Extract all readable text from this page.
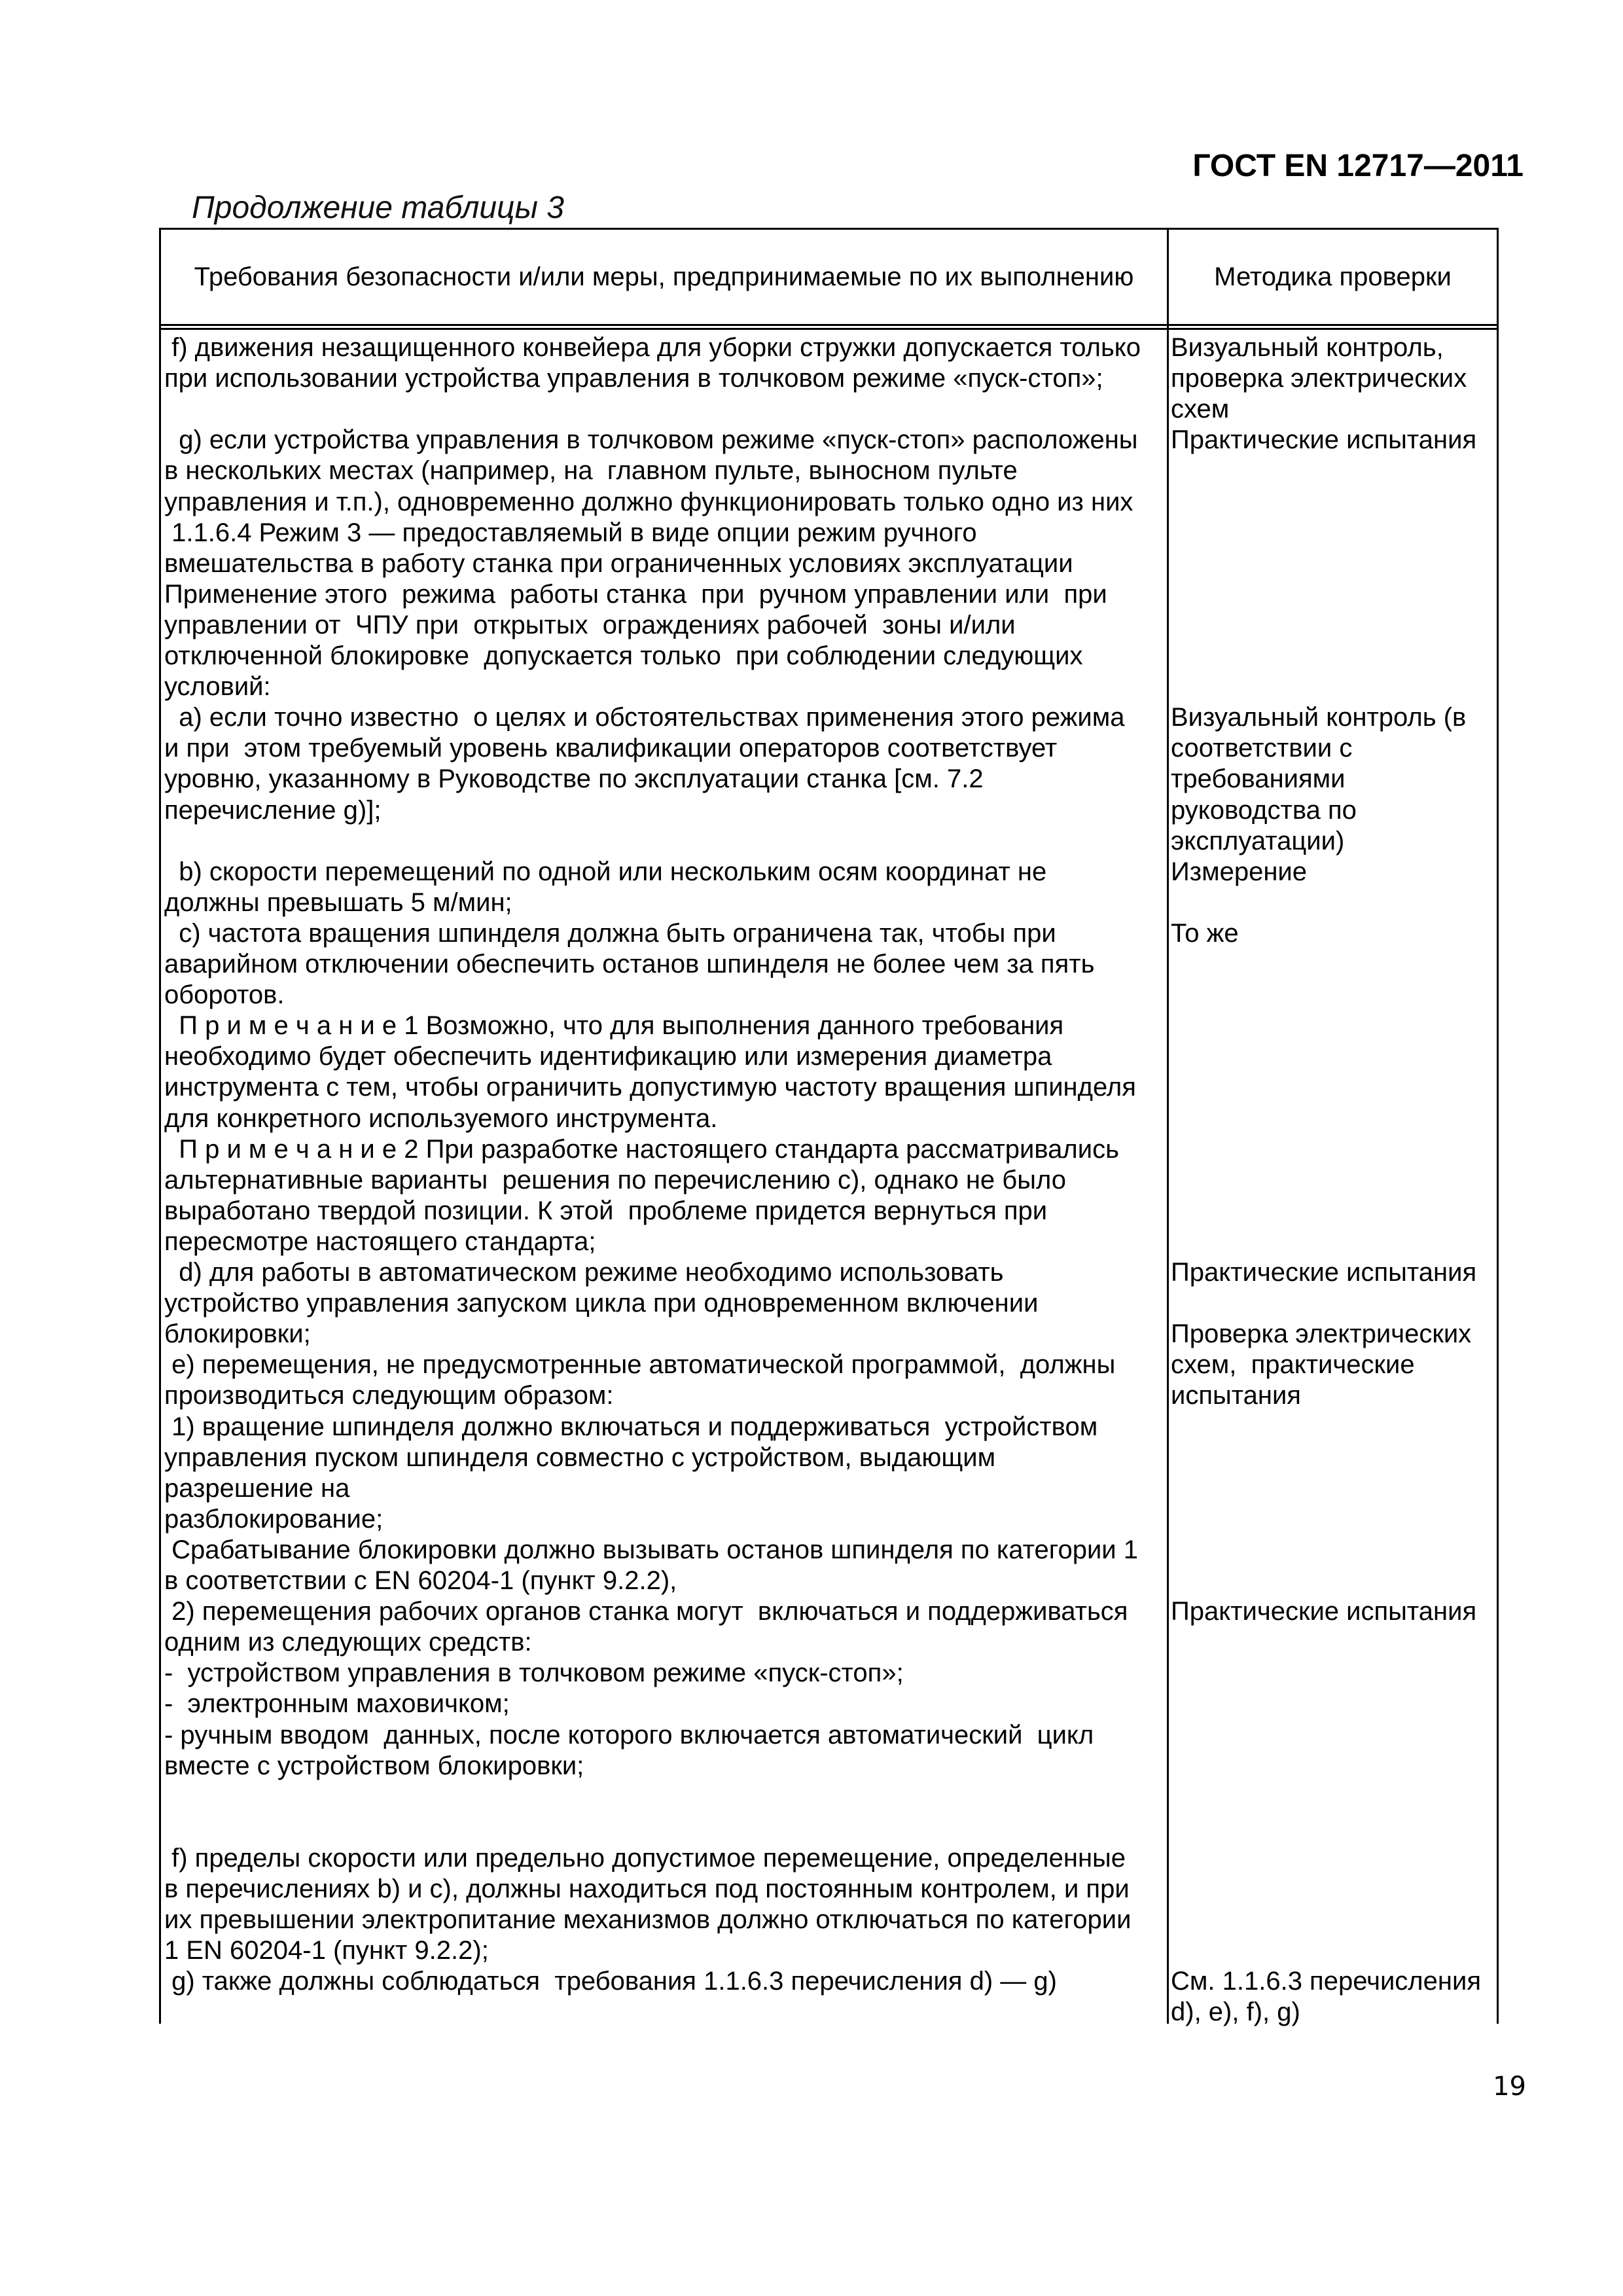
ГОСТ EN 12717—2011
Продолжение таблицы 3
Требования безопасности и/или меры, предпринимаемые по их выполнению	Методика проверки
f) движения незащищенного конвейера для уборки стружки допускается только
при использовании устройства управления в толчковом режиме «пуск-стоп»;
g) если устройства управления в толчковом режиме «пуск-стоп» расположены
в нескольких местах (например, на  главном пульте, выносном пульте
управления и т.п.), одновременно должно функционировать только одно из них
1.1.6.4 Режим 3 — предоставляемый в виде опции режим ручного
вмешательства в работу станка при ограниченных условиях эксплуатации
Применение этого  режима  работы станка  при  ручном управлении или  при
управлении от  ЧПУ при  открытых  ограждениях рабочей  зоны и/или
отключенной блокировке  допускается только  при соблюдении следующих
условий:
а) если точно известно  о целях и обстоятельствах применения этого режима
и при  этом требуемый уровень квалификации операторов соответствует
уровню, указанному в Руководстве по эксплуатации станка [см. 7.2
перечисление g)];
b) скорости перемещений по одной или нескольким осям координат не
должны превышать 5 м/мин;
с) частота вращения шпинделя должна быть ограничена так, чтобы при
аварийном отключении обеспечить останов шпинделя не более чем за пять
оборотов.
П р и м е ч а н и е 1 Возможно, что для выполнения данного требования
необходимо будет обеспечить идентификацию или измерения диаметра
инструмента с тем, чтобы ограничить допустимую частоту вращения шпинделя
для конкретного используемого инструмента.
П р и м е ч а н и е 2 При разработке настоящего стандарта рассматривались
альтернативные варианты  решения по перечислению с), однако не было
выработано твердой позиции. К этой  проблеме придется вернуться при
пересмотре настоящего стандарта;
d) для работы в автоматическом режиме необходимо использовать
устройство управления запуском цикла при одновременном включении
блокировки;
е) перемещения, не предусмотренные автоматической программой,  должны
производиться следующим образом:
1) вращение шпинделя должно включаться и поддерживаться  устройством
управления пуском шпинделя совместно с устройством, выдающим
разрешение на
разблокирование;
Срабатывание блокировки должно вызывать останов шпинделя по категории 1
в соответствии с EN 60204-1 (пункт 9.2.2),
2) перемещения рабочих органов станка могут  включаться и поддерживаться
одним из следующих средств:
-  устройством управления в толчковом режиме «пуск-стоп»;
-  электронным маховичком;
- ручным вводом  данных, после которого включается автоматический  цикл
вместе с устройством блокировки;
f) пределы скорости или предельно допустимое перемещение, определенные
в перечислениях b) и с), должны находиться под постоянным контролем, и при
их превышении электропитание механизмов должно отключаться по категории
1 EN 60204-1 (пункт 9.2.2);
g) также должны соблюдаться  требования 1.1.6.3 перечисления d) — g)
Визуальный контроль,
проверка электрических
схем
Практические испытания
Визуальный контроль (в
соответствии с
требованиями
руководства по
эксплуатации)
Измерение
То же
Практические испытания
Проверка электрических
схем,  практические
испытания
Практические испытания
См. 1.1.6.3 перечисления
d), е), f), g)
19
